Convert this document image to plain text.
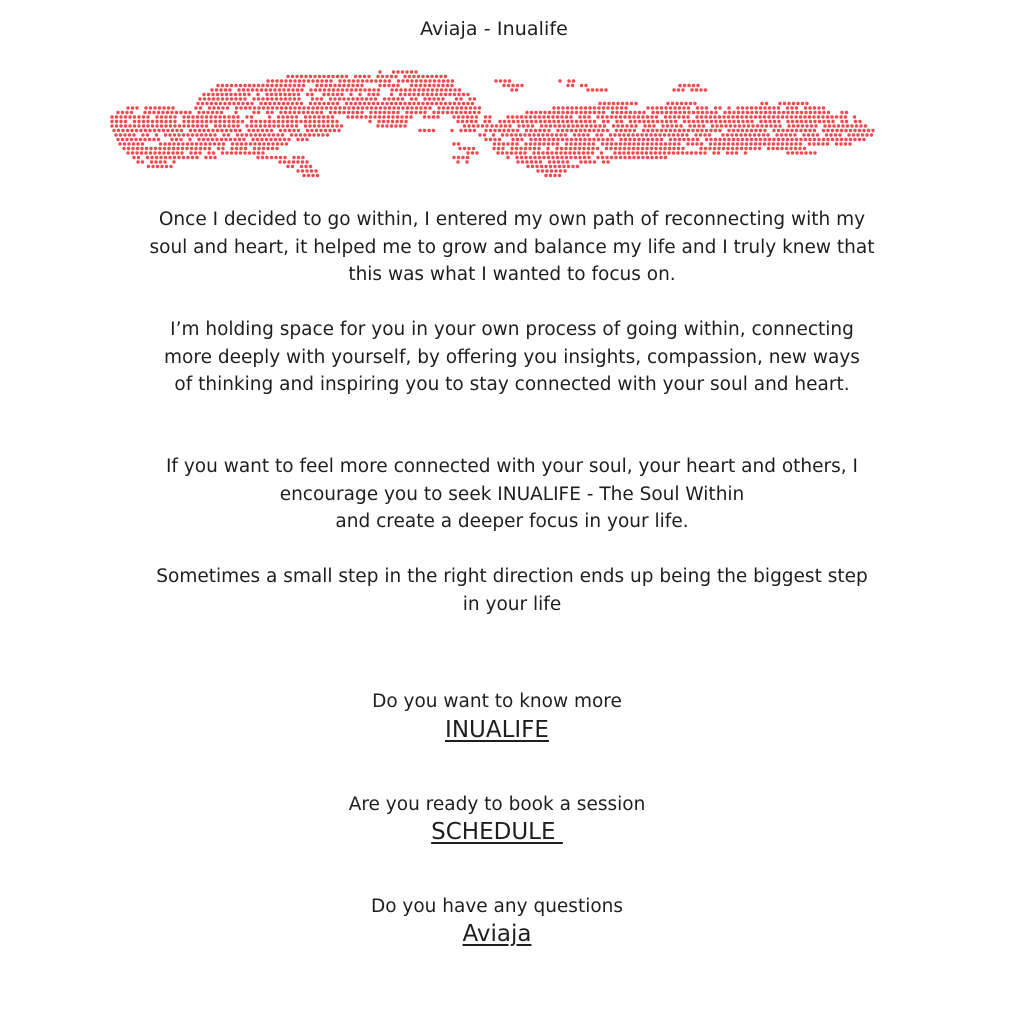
Aviaja - Inualife

Once I decided to go within, I entered my own path of reconnecting with my

soul and heart, it helped me to grow and balance my life and I truly knew that

this was what I wanted to focus on.

I’m holding space for you in your own process of going within, connecting

more deeply with yourself, by offering you insights, compassion, new ways

of thinking and inspiring you to stay connected with your soul and heart.

If you want to feel more connected with your soul, your heart and others, I

encourage you to seek INUALIFE - The Soul Within

and create a deeper focus in your life.

Sometimes a small step in the right direction ends up being the biggest step

in your life

Do you want to know more
INUALIFE
Are you ready to book a session
SCHEDULE
Do you have any questions
Aviaja
